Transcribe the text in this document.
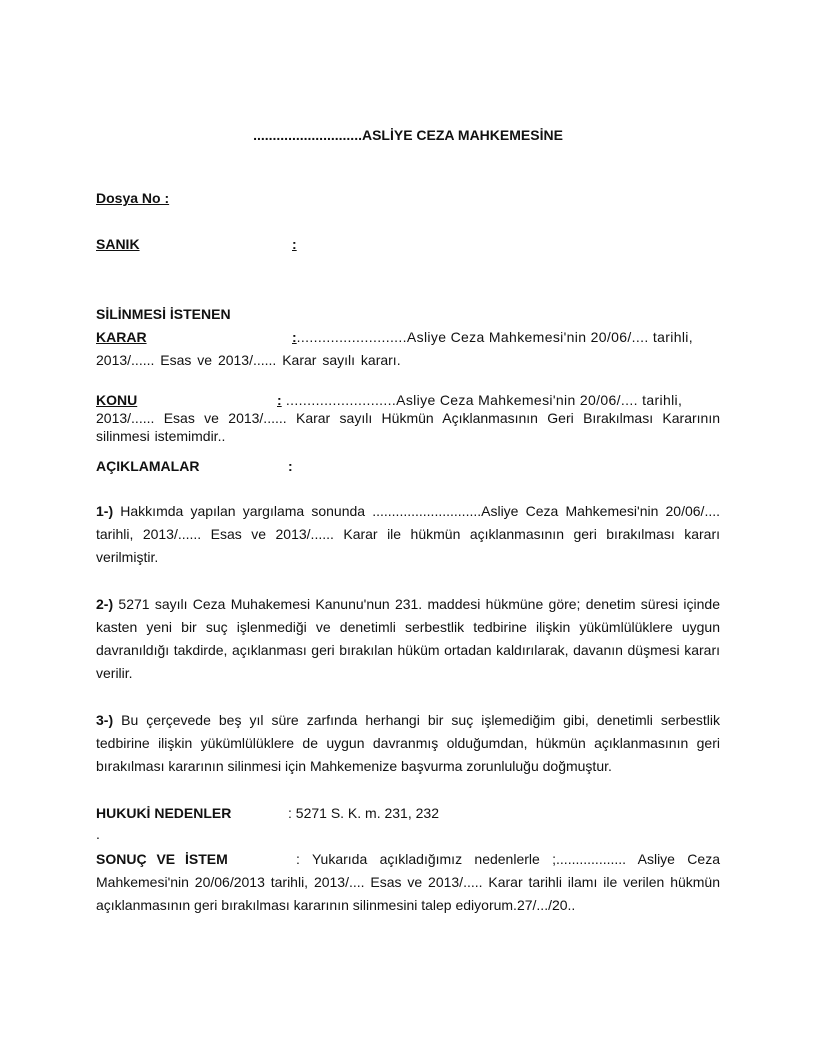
............................ASLİYE CEZA MAHKEMESİNE
Dosya No :
SANIK	:
SİLİNMESİ İSTENEN
KARAR	:..........................Asliye Ceza Mahkemesi'nin 20/06/.... tarihli,
2013/...... Esas ve 2013/...... Karar sayılı kararı.
KONU	: ..........................Asliye Ceza Mahkemesi'nin 20/06/.... tarihli,
2013/...... Esas ve 2013/...... Karar sayılı Hükmün Açıklanmasının Geri Bırakılması Kararının silinmesi istemimdir..
AÇIKLAMALAR	:
1-) Hakkımda yapılan yargılama sonunda ............................Asliye Ceza Mahkemesi'nin 20/06/.... tarihli, 2013/...... Esas ve 2013/...... Karar ile hükmün açıklanmasının geri bırakılması kararı verilmiştir.
2-) 5271 sayılı Ceza Muhakemesi Kanunu'nun 231. maddesi hükmüne göre; denetim süresi içinde kasten yeni bir suç işlenmediği ve denetimli serbestlik tedbirine ilişkin yükümlülüklere uygun davranıldığı takdirde, açıklanması geri bırakılan hüküm ortadan kaldırılarak, davanın düşmesi kararı verilir.
3-) Bu çerçevede beş yıl süre zarfında herhangi bir suç işlemediğim gibi, denetimli serbestlik tedbirine ilişkin yükümlülüklere de uygun davranmış olduğumdan, hükmün açıklanmasının geri bırakılması kararının silinmesi için Mahkemenize başvurma zorunluluğu doğmuştur.
HUKUKİ NEDENLER	: 5271 S. K. m. 231, 232
.
SONUÇ VE İSTEM	: Yukarıda açıkladığımız nedenlerle ;.................. Asliye Ceza Mahkemesi'nin 20/06/2013 tarihli, 2013/.... Esas ve 2013/..... Karar tarihli ilamı ile verilen hükmün açıklanmasının geri bırakılması kararının silinmesini talep ediyorum.27/.../20..
